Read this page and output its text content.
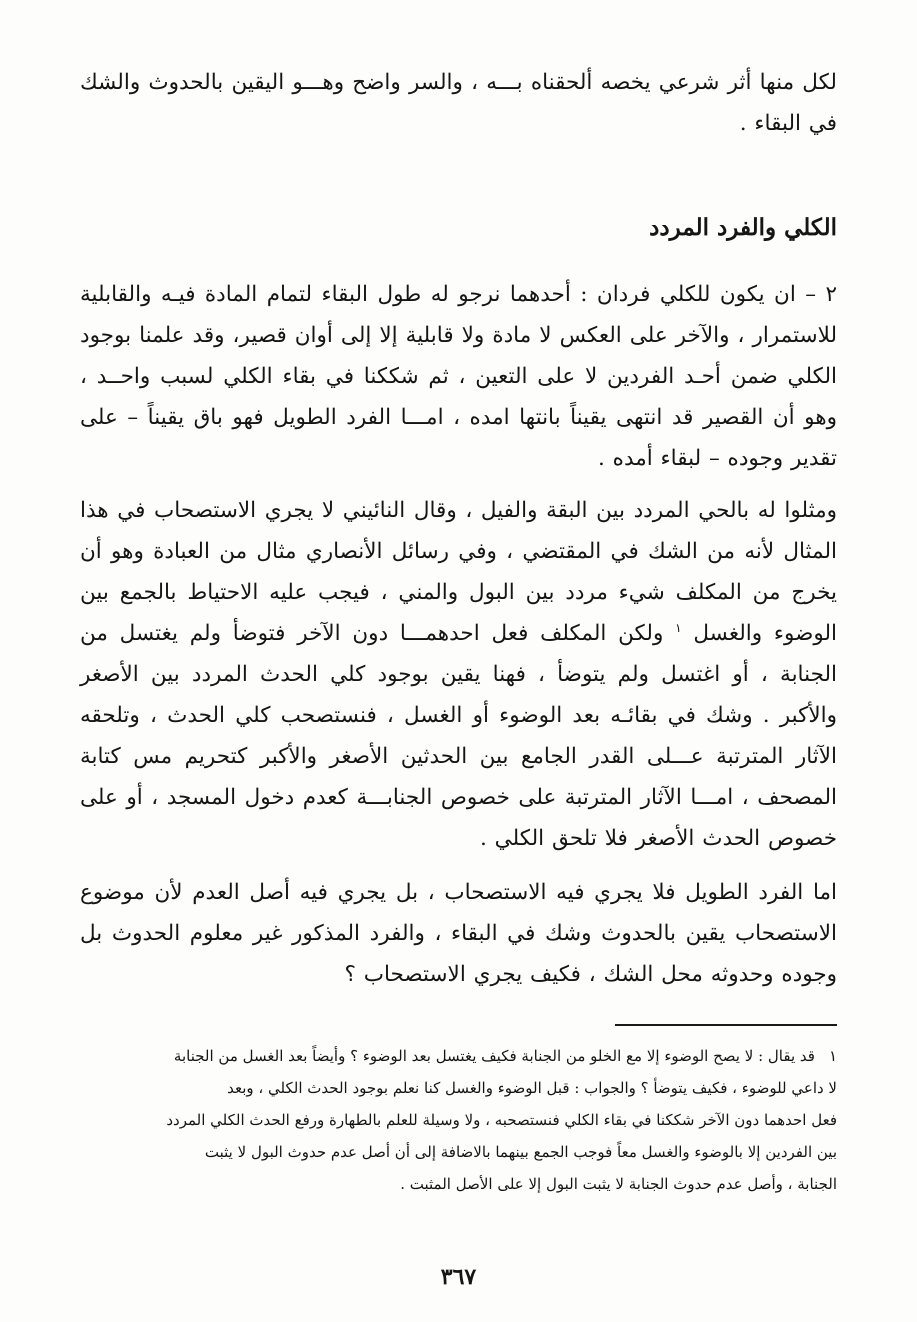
لكل منها أثر شرعي يخصه ألحقناه بـــه ، والسر واضح وهـــو اليقين بالحدوث والشك في البقاء .

الكلي والفرد المردد

٢ – ان يكون للكلي فردان : أحدهما نرجو له طول البقاء لتمام المادة فيـه والقابلية للاستمرار ، والآخر على العكس لا مادة ولا قابلية إلا إلى أوان قصير، وقد علمنا بوجود الكلي ضمن أحـد الفردين لا على التعين ، ثم شككنا في بقاء الكلي لسبب واحــد ، وهو أن القصير قد انتهى يقيناً بانتها امده ، امـــا الفرد الطويل فهو باق يقيناً – على تقدير وجوده – لبقاء أمده .

ومثلوا له بالحي المردد بين البقة والفيل ، وقال النائيني لا يجري الاستصحاب في هذا المثال لأنه من الشك في المقتضي ، وفي رسائل الأنصاري مثال من العبادة وهو أن يخرج من المكلف شيء مردد بين البول والمني ، فيجب عليه الاحتياط بالجمع بين الوضوء والغسل $^١$ ولكن المكلف فعل احدهمـــا دون الآخر فتوضأ ولم يغتسل من الجنابة ، أو اغتسل ولم يتوضأ ، فهنا يقين بوجود كلي الحدث المردد بين الأصغر والأكبر . وشك في بقائـه بعد الوضوء أو الغسل ، فنستصحب كلي الحدث ، وتلحقه الآثار المترتبة عـــلى القدر الجامع بين الحدثين الأصغر والأكبر كتحريم مس كتابة المصحف ، امـــا الآثار المترتبة على خصوص الجنابـــة كعدم دخول المسجد ، أو على خصوص الحدث الأصغر فلا تلحق الكلي .

اما الفرد الطويل فلا يجري فيه الاستصحاب ، بل يجري فيه أصل العدم لأن موضوع الاستصحاب يقين بالحدوث وشك في البقاء ، والفرد المذكور غير معلوم الحدوث بل وجوده وحدوثه محل الشك ، فكيف يجري الاستصحاب ؟

١قد يقال : لا يصح الوضوء إلا مع الخلو من الجنابة فكيف يغتسل بعد الوضوء ؟ وأيضاً بعد الغسل من الجنابة
لا داعي للوضوء ، فكيف يتوضأ ؟ والجواب : قبل الوضوء والغسل كنا نعلم بوجود الحدث الكلي ، وبعد
فعل احدهما دون الآخر شككنا في بقاء الكلي فنستصحبه ، ولا وسيلة للعلم بالطهارة ورفع الحدث الكلي المردد
بين الفردين إلا بالوضوء والغسل معاً فوجب الجمع بينهما بالاضافة إلى أن أصل عدم حدوث البول لا يثبت
الجنابة ، وأصل عدم حدوث الجنابة لا يثبت البول إلا على الأصل المثبت .

٣٦٧
